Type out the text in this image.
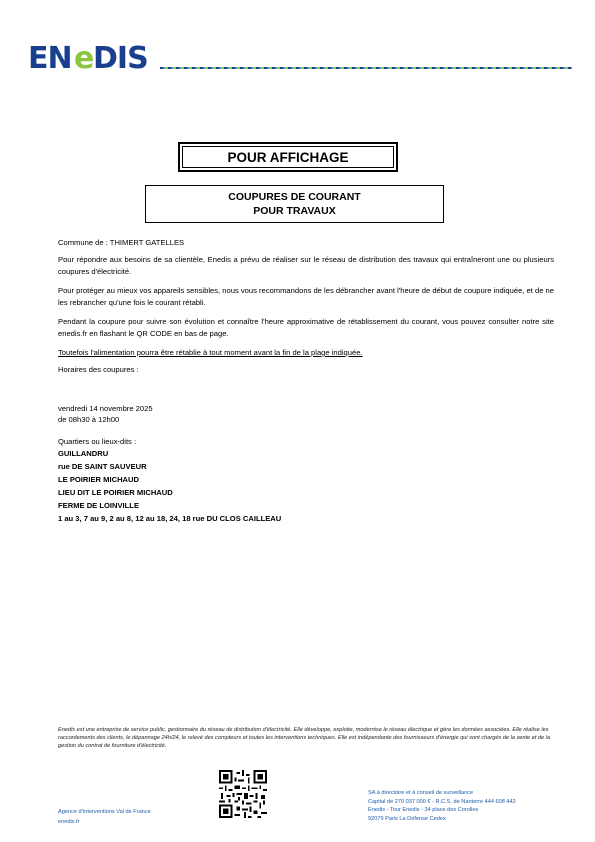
EN e DIS
POUR AFFICHAGE
COUPURES DE COURANT
POUR TRAVAUX
Commune de : THIMERT GATELLES
Pour répondre aux besoins de sa clientèle, Enedis a prévu de réaliser sur le réseau de distribution des travaux qui entraîneront une ou plusieurs coupures d'électricité.
Pour protéger au mieux vos appareils sensibles, nous vous recommandons de les débrancher avant l'heure de début de coupure indiquée, et de ne les rebrancher qu'une fois le courant rétabli.
Pendant la coupure pour suivre son évolution et connaître l'heure approximative de rétablissement du courant, vous pouvez consulter notre site enedis.fr en flashant le QR CODE en bas de page.
Toutefois l'alimentation pourra être rétablie à tout moment avant la fin de la plage indiquée.
Horaires des coupures :
vendredi 14 novembre 2025
de 08h30 à 12h00
Quartiers ou lieux-dits :
GUILLANDRU
rue DE SAINT SAUVEUR
LE POIRIER MICHAUD
LIEU DIT LE POIRIER MICHAUD
FERME DE LOINVILLE
1 au 3, 7 au 9, 2 au 8, 12 au 18, 24, 18 rue DU CLOS CAILLEAU
Enedis est une entreprise de service public, gestionnaire du réseau de distribution d'électricité. Elle développe, exploite, modernise le réseau électrique et gère les données associées. Elle réalise les raccordements des clients, le dépannage 24h/24, le relevé des compteurs et toutes les interventions techniques. Elle est indépendante des fournisseurs d'énergie qui sont chargés de la vente et de la gestion du contrat de fourniture d'électricité.
Agence d'Interventions Val de France
enedis.fr
SA à directoire et à conseil de surveillance
Capital de 270 037 000 € - R.C.S. de Nanterre 444 608 442
Enedis - Tour Enedis - 34 place des Corolles
92079 Paris La Défense Cedex
